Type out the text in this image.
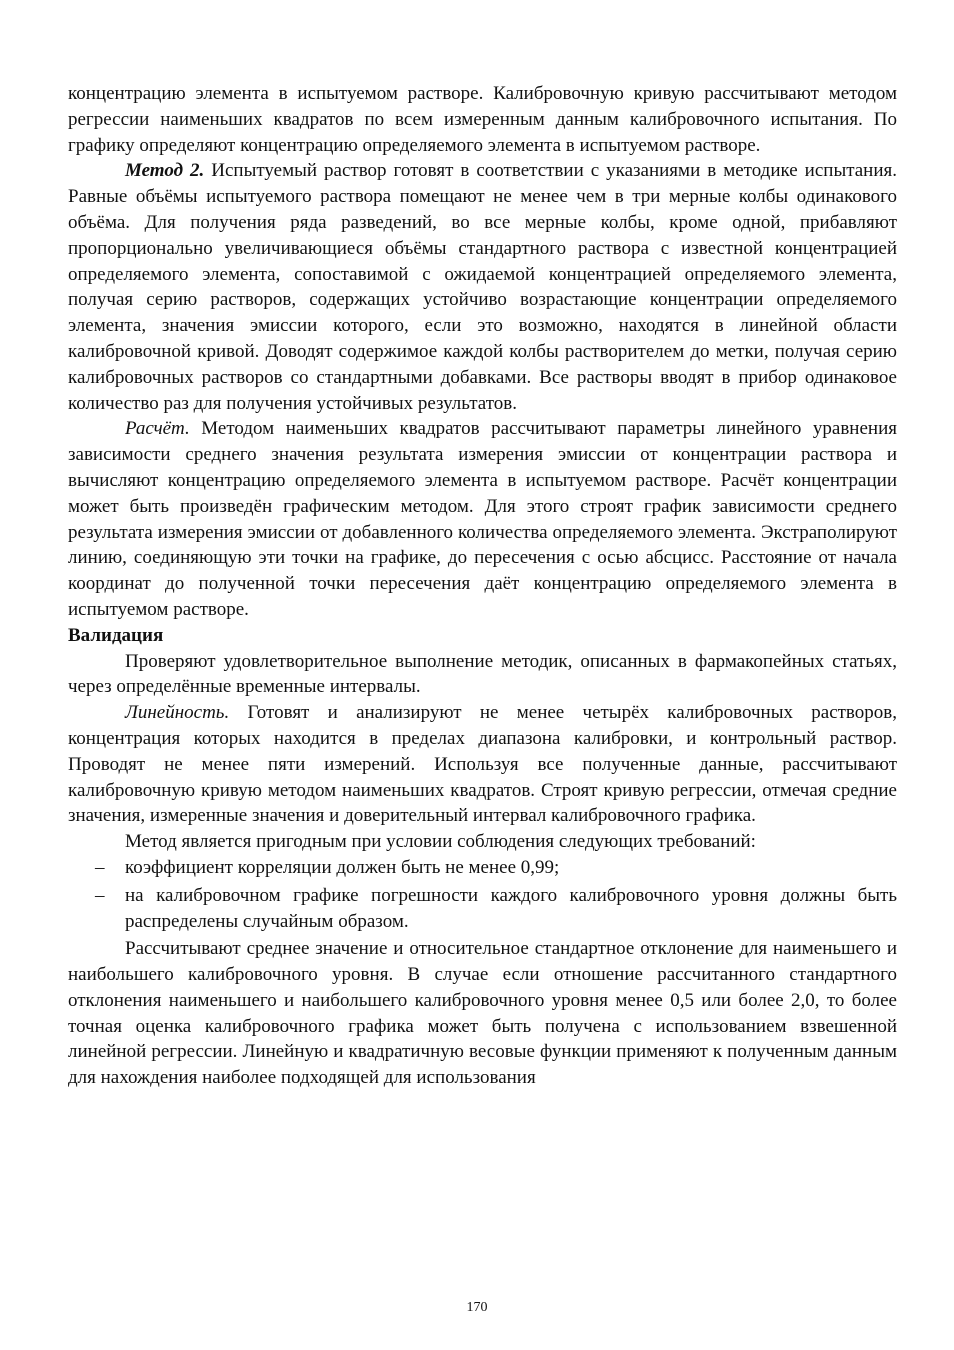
концентрацию элемента в испытуемом растворе. Калибровочную кривую рассчитывают методом регрессии наименьших квадратов по всем измеренным данным калибровочного испытания. По графику определяют концентрацию определяемого элемента в испытуемом растворе.

Метод 2. Испытуемый раствор готовят в соответствии с указаниями в методике испытания. Равные объёмы испытуемого раствора помещают не менее чем в три мерные колбы одинакового объёма. Для получения ряда разведений, во все мерные колбы, кроме одной, прибавляют пропорционально увеличивающиеся объёмы стандартного раствора с известной концентрацией определяемого элемента, сопоставимой с ожидаемой концентрацией определяемого элемента, получая серию растворов, содержащих устойчиво возрастающие концентрации определяемого элемента, значения эмиссии которого, если это возможно, находятся в линейной области калибровочной кривой. Доводят содержимое каждой колбы растворителем до метки, получая серию калибровочных растворов со стандартными добавками. Все растворы вводят в прибор одинаковое количество раз для получения устойчивых результатов.

Расчёт. Методом наименьших квадратов рассчитывают параметры линейного уравнения зависимости среднего значения результата измерения эмиссии от концентрации раствора и вычисляют концентрацию определяемого элемента в испытуемом растворе. Расчёт концентрации может быть произведён графическим методом. Для этого строят график зависимости среднего результата измерения эмиссии от добавленного количества определяемого элемента. Экстраполируют линию, соединяющую эти точки на графике, до пересечения с осью абсцисс. Расстояние от начала координат до полученной точки пересечения даёт концентрацию определяемого элемента в испытуемом растворе.

Валидация

Проверяют удовлетворительное выполнение методик, описанных в фармакопейных статьях, через определённые временные интервалы.

Линейность. Готовят и анализируют не менее четырёх калибровочных растворов, концентрация которых находится в пределах диапазона калибровки, и контрольный раствор. Проводят не менее пяти измерений. Используя все полученные данные, рассчитывают калибровочную кривую методом наименьших квадратов. Строят кривую регрессии, отмечая средние значения, измеренные значения и доверительный интервал калибровочного графика.

Метод является пригодным при условии соблюдения следующих требований:

– коэффициент корреляции должен быть не менее 0,99;
– на калибровочном графике погрешности каждого калибровочного уровня должны быть распределены случайным образом.

Рассчитывают среднее значение и относительное стандартное отклонение для наименьшего и наибольшего калибровочного уровня. В случае если отношение рассчитанного стандартного отклонения наименьшего и наибольшего калибровочного уровня менее 0,5 или более 2,0, то более точная оценка калибровочного графика может быть получена с использованием взвешенной линейной регрессии. Линейную и квадратичную весовые функции применяют к полученным данным для нахождения наиболее подходящей для использования

170
